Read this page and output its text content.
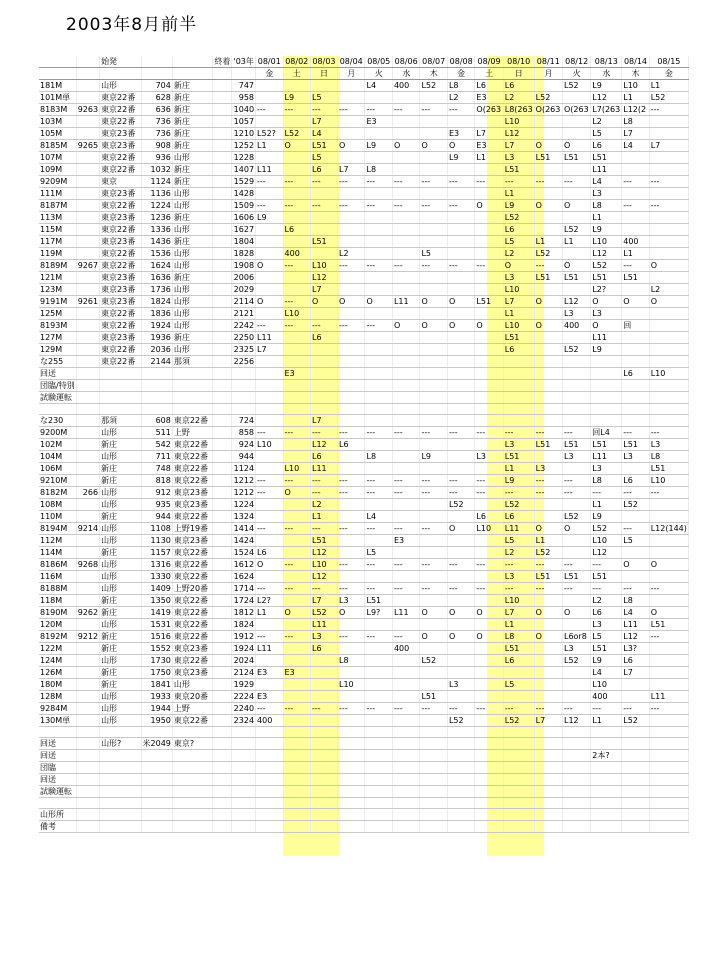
2003年8月前半
		始発			終着	'03年	08/01	08/02	08/03	08/04	08/05	08/06	08/07	08/08	08/09	08/10	08/11	08/12	08/13	08/14	08/15
							金	土	日	月	火	水	木	金	土	日	月	火	水	木	金
181M		山形	704	新庄		747					L4	400	L52	L8	L6	L6		L52	L9	L10	L1
101M単		東京22番	628	新庄		958		L9	L5					L2	E3	L2	L52		L12	L1	L52
8183M	9263	東京22番	636	新庄		1040	---	---	---	---	---	---	---	---	O(263	L8(263	O(263	O(263	L7(263	L12(2	---
103M		東京22番	736	新庄		1057			L7		E3					L10			L2	L8	
105M		東京23番	736	新庄		1210	L52?	L52	L4					E3	L7	L12			L5	L7	
8185M	9265	東京23番	908	新庄		1252	L1	O	L51	O	L9	O	O	O	E3	L7	O	O	L6	L4	L7
107M		東京22番	936	山形		1228			L5					L9	L1	L3	L51	L51	L51		
109M		東京22番	1032	新庄		1407	L11		L6	L7	L8					L51			L11		
9209M		東京	1124	新庄		1529	---	---	---	---	---	---	---	---	---	---	---	---	L4	---	---
111M		東京23番	1136	山形		1428										L1			L3		
8187M		東京22番	1224	山形		1509	---	---	---	---	---	---	---	---	O	L9	O	O	L8	---	---
113M		東京23番	1236	新庄		1606	L9									L52			L1		
115M		東京22番	1336	山形		1627		L6								L6		L52	L9		
117M		東京23番	1436	新庄		1804			L51							L5	L1	L1	L10	400	
119M		東京22番	1536	山形		1828		400		L2			L5			L2	L52		L12	L1	
8189M	9267	東京22番	1624	山形		1908	O	---	L10	---	---	---	---	---	---	O	---	O	L52	---	O
121M		東京23番	1636	新庄		2006			L12							L3	L51	L51	L51	L51	
123M		東京23番	1736	山形		2029			L7							L10			L2?		L2
9191M	9261	東京23番	1824	山形		2114	O	---	O	O	O	L11	O	O	L51	L7	O	L12	O	O	O
125M		東京22番	1836	山形		2121		L10								L1		L3	L3		
8193M		東京22番	1924	山形		2242	---	---	---	---	---	O	O	O	O	L10	O	400	O	回	
127M		東京23番	1936	新庄		2250	L11		L6							L51			L11		
129M		東京22番	2036	山形		2325	L7									L6		L52	L9		
な255		東京22番	2144	那須		2256															
回送								E3												L6	L10
団臨/特別																					
試験運転																					

な230		那須	608	東京22番		724			L7												
9200M		山形	511	上野		858	---	---	---	---	---	---	---	---	---	---	---	---	回L4	---	---
102M		新庄	542	東京22番		924	L10		L12	L6						L3	L51	L51	L51	L51	L3
104M		山形	711	東京22番		944			L6		L8		L9		L3	L51		L3	L11	L3	L8
106M		新庄	748	東京22番		1124		L10	L11							L1	L3		L3		L51
9210M		新庄	818	東京22番		1212	---	---	---	---	---	---	---	---	---	L9	---	---	L8	L6	L10
8182M	266	山形	912	東京23番		1212	---	O	---	---	---	---	---	---	---	---	---	---	---	---	---
108M		山形	935	東京23番		1224			L2					L52		L52			L1	L52	
110M		新庄	944	東京22番		1324			L1		L4				L6	L6		L52	L9		
8194M	9214	山形	1108	上野19番		1414	---	---	---	---	---	---	---	O	L10	L11	O	O	L52	---	L12(144)
112M		山形	1130	東京23番		1424			L51			E3				L5	L1		L10	L5	
114M		新庄	1157	東京22番		1524	L6		L12		L5					L2	L52		L12		
8186M	9268	山形	1316	東京22番		1612	O	---	L10	---	---	---	---	---	---	---	---	---	---	O	O
116M		山形	1330	東京22番		1624			L12							L3	L51	L51	L51		
8188M		山形	1409	上野20番		1714	---	---	---	---	---	---	---	---	---	---	---	---	---	---	---
118M		新庄	1350	東京22番		1724	L2?		L7	L3	L51					L10			L2	L8	
8190M	9262	新庄	1419	東京22番		1812	L1	O	L52	O	L9?	L11	O	O	O	L7	O	O	L6	L4	O
120M		山形	1531	東京22番		1824			L11							L1			L3	L11	L51
8192M	9212	新庄	1516	東京22番		1912	---	---	L3	---	---	---	O	O	O	L8	O	L6or8	L5	L12	---
122M		新庄	1552	東京23番		1924	L11		L6			400				L51		L3	L51	L3?	
124M		山形	1730	東京22番		2024				L8			L52			L6		L52	L9	L6	
126M		新庄	1750	東京23番		2124	E3	E3											L4	L7	
180M		新庄	1841	山形		1929				L10				L3		L5			L10		
128M		山形	1933	東京20番		2224	E3						L51						400		L11
9284M		山形	1944	上野		2240	---	---	---	---	---	---	---	---	---	---	---	---	---	---	---
130M単		山形	1950	東京22番		2324	400							L52		L52	L7	L12	L1	L52	

回送		山形?	米2049	東京?																	
回送																			2本?		
団臨																					
回送																					
試験運転																					

山形所																					
備考																					
